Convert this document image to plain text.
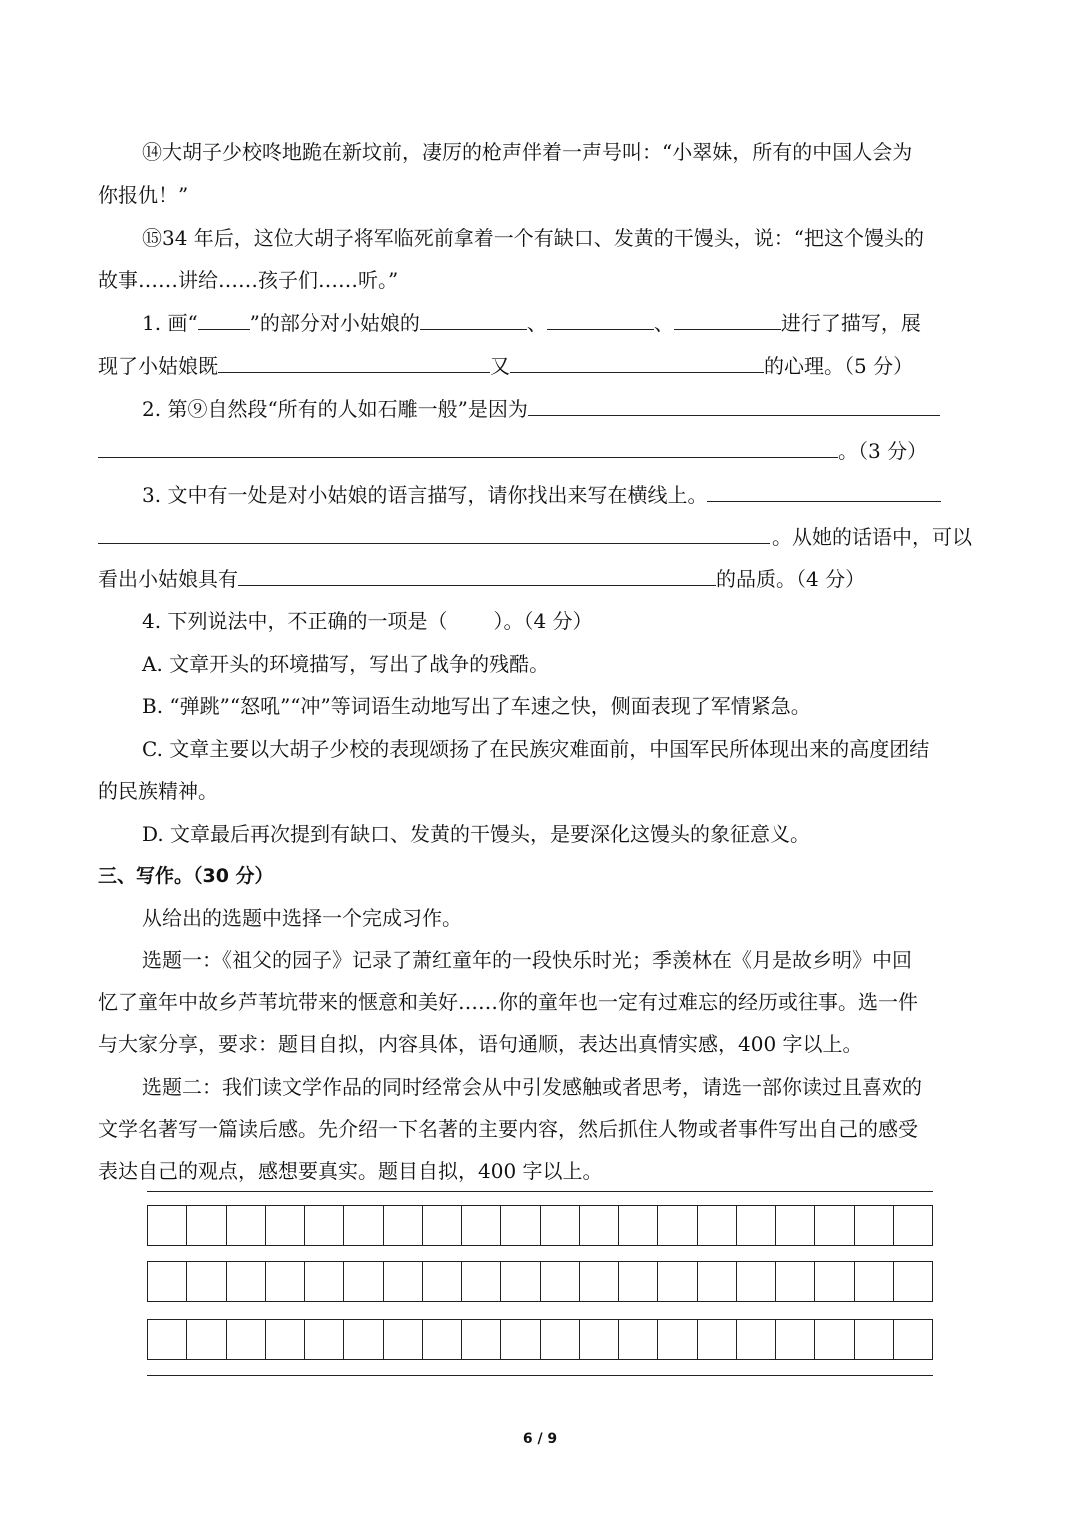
⑭大胡子少校咚地跪在新坟前，凄厉的枪声伴着一声号叫：“小翠妹，所有的中国人会为
你报仇！”
⑮34 年后，这位大胡子将军临死前拿着一个有缺口、发黄的干馒头，说：“把这个馒头的
故事……讲给……孩子们……听。”
1. 画“	”的部分对小姑娘的	、	、	进行了描写，展
现了小姑娘既	又	的心理。（5 分）
2. 第⑨自然段“所有的人如石雕一般”是因为
。（3 分）
3. 文中有一处是对小姑娘的语言描写，请你找出来写在横线上。
。从她的话语中，可以
看出小姑娘具有	的品质。（4 分）
4. 下列说法中，不正确的一项是（ ）。（4 分）
A. 文章开头的环境描写，写出了战争的残酷。
B. “弹跳”“怒吼”“冲”等词语生动地写出了车速之快，侧面表现了军情紧急。
C. 文章主要以大胡子少校的表现颂扬了在民族灾难面前，中国军民所体现出来的高度团结
的民族精神。
D. 文章最后再次提到有缺口、发黄的干馒头，是要深化这馒头的象征意义。
三、写作。（30 分）
从给出的选题中选择一个完成习作。
选题一：《祖父的园子》记录了萧红童年的一段快乐时光；季羡林在《月是故乡明》中回
忆了童年中故乡芦苇坑带来的惬意和美好……你的童年也一定有过难忘的经历或往事。选一件
与大家分享，要求：题目自拟，内容具体，语句通顺，表达出真情实感，400 字以上。
选题二：我们读文学作品的同时经常会从中引发感触或者思考，请选一部你读过且喜欢的
文学名著写一篇读后感。先介绍一下名著的主要内容，然后抓住人物或者事件写出自己的感受
表达自己的观点，感想要真实。题目自拟，400 字以上。
6 / 9
